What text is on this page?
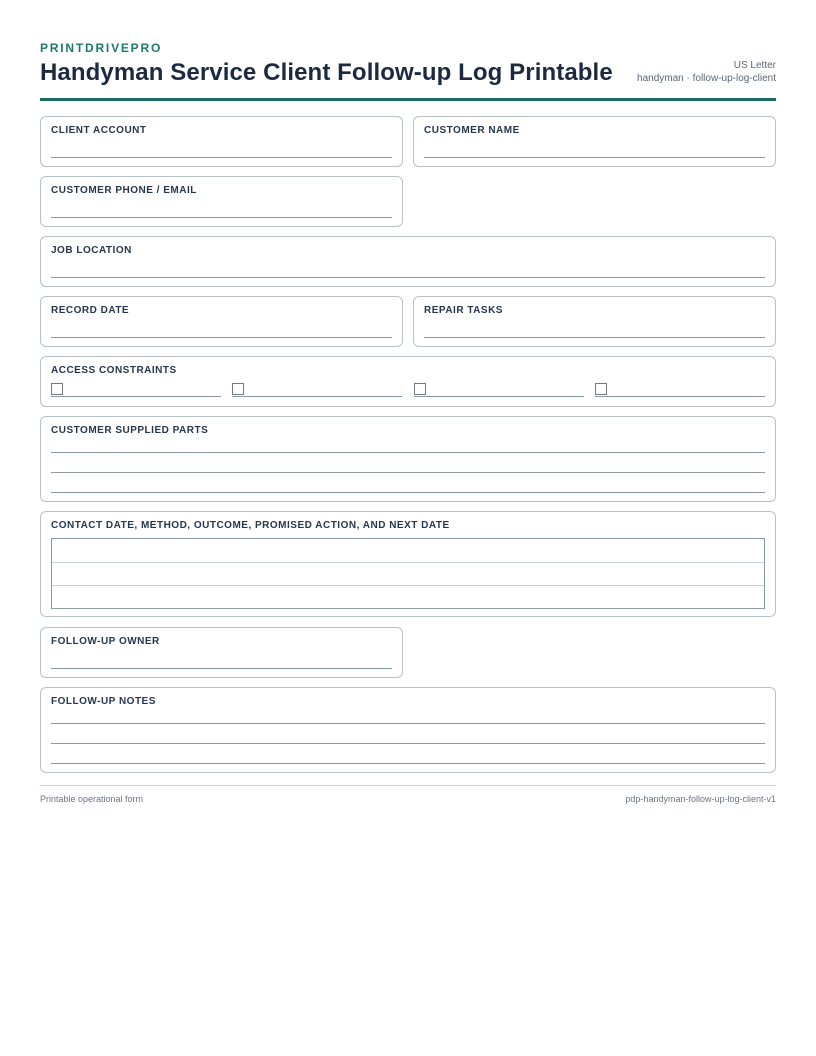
PRINTDRIVEPRO
Handyman Service Client Follow-up Log Printable	US Letter
handyman · follow-up-log-client
CLIENT ACCOUNT	CUSTOMER NAME
CUSTOMER PHONE / EMAIL
JOB LOCATION
RECORD DATE	REPAIR TASKS
ACCESS CONSTRAINTS
CUSTOMER SUPPLIED PARTS
CONTACT DATE, METHOD, OUTCOME, PROMISED ACTION, AND NEXT DATE
FOLLOW-UP OWNER
FOLLOW-UP NOTES
Printable operational form	pdp-handyman-follow-up-log-client-v1
